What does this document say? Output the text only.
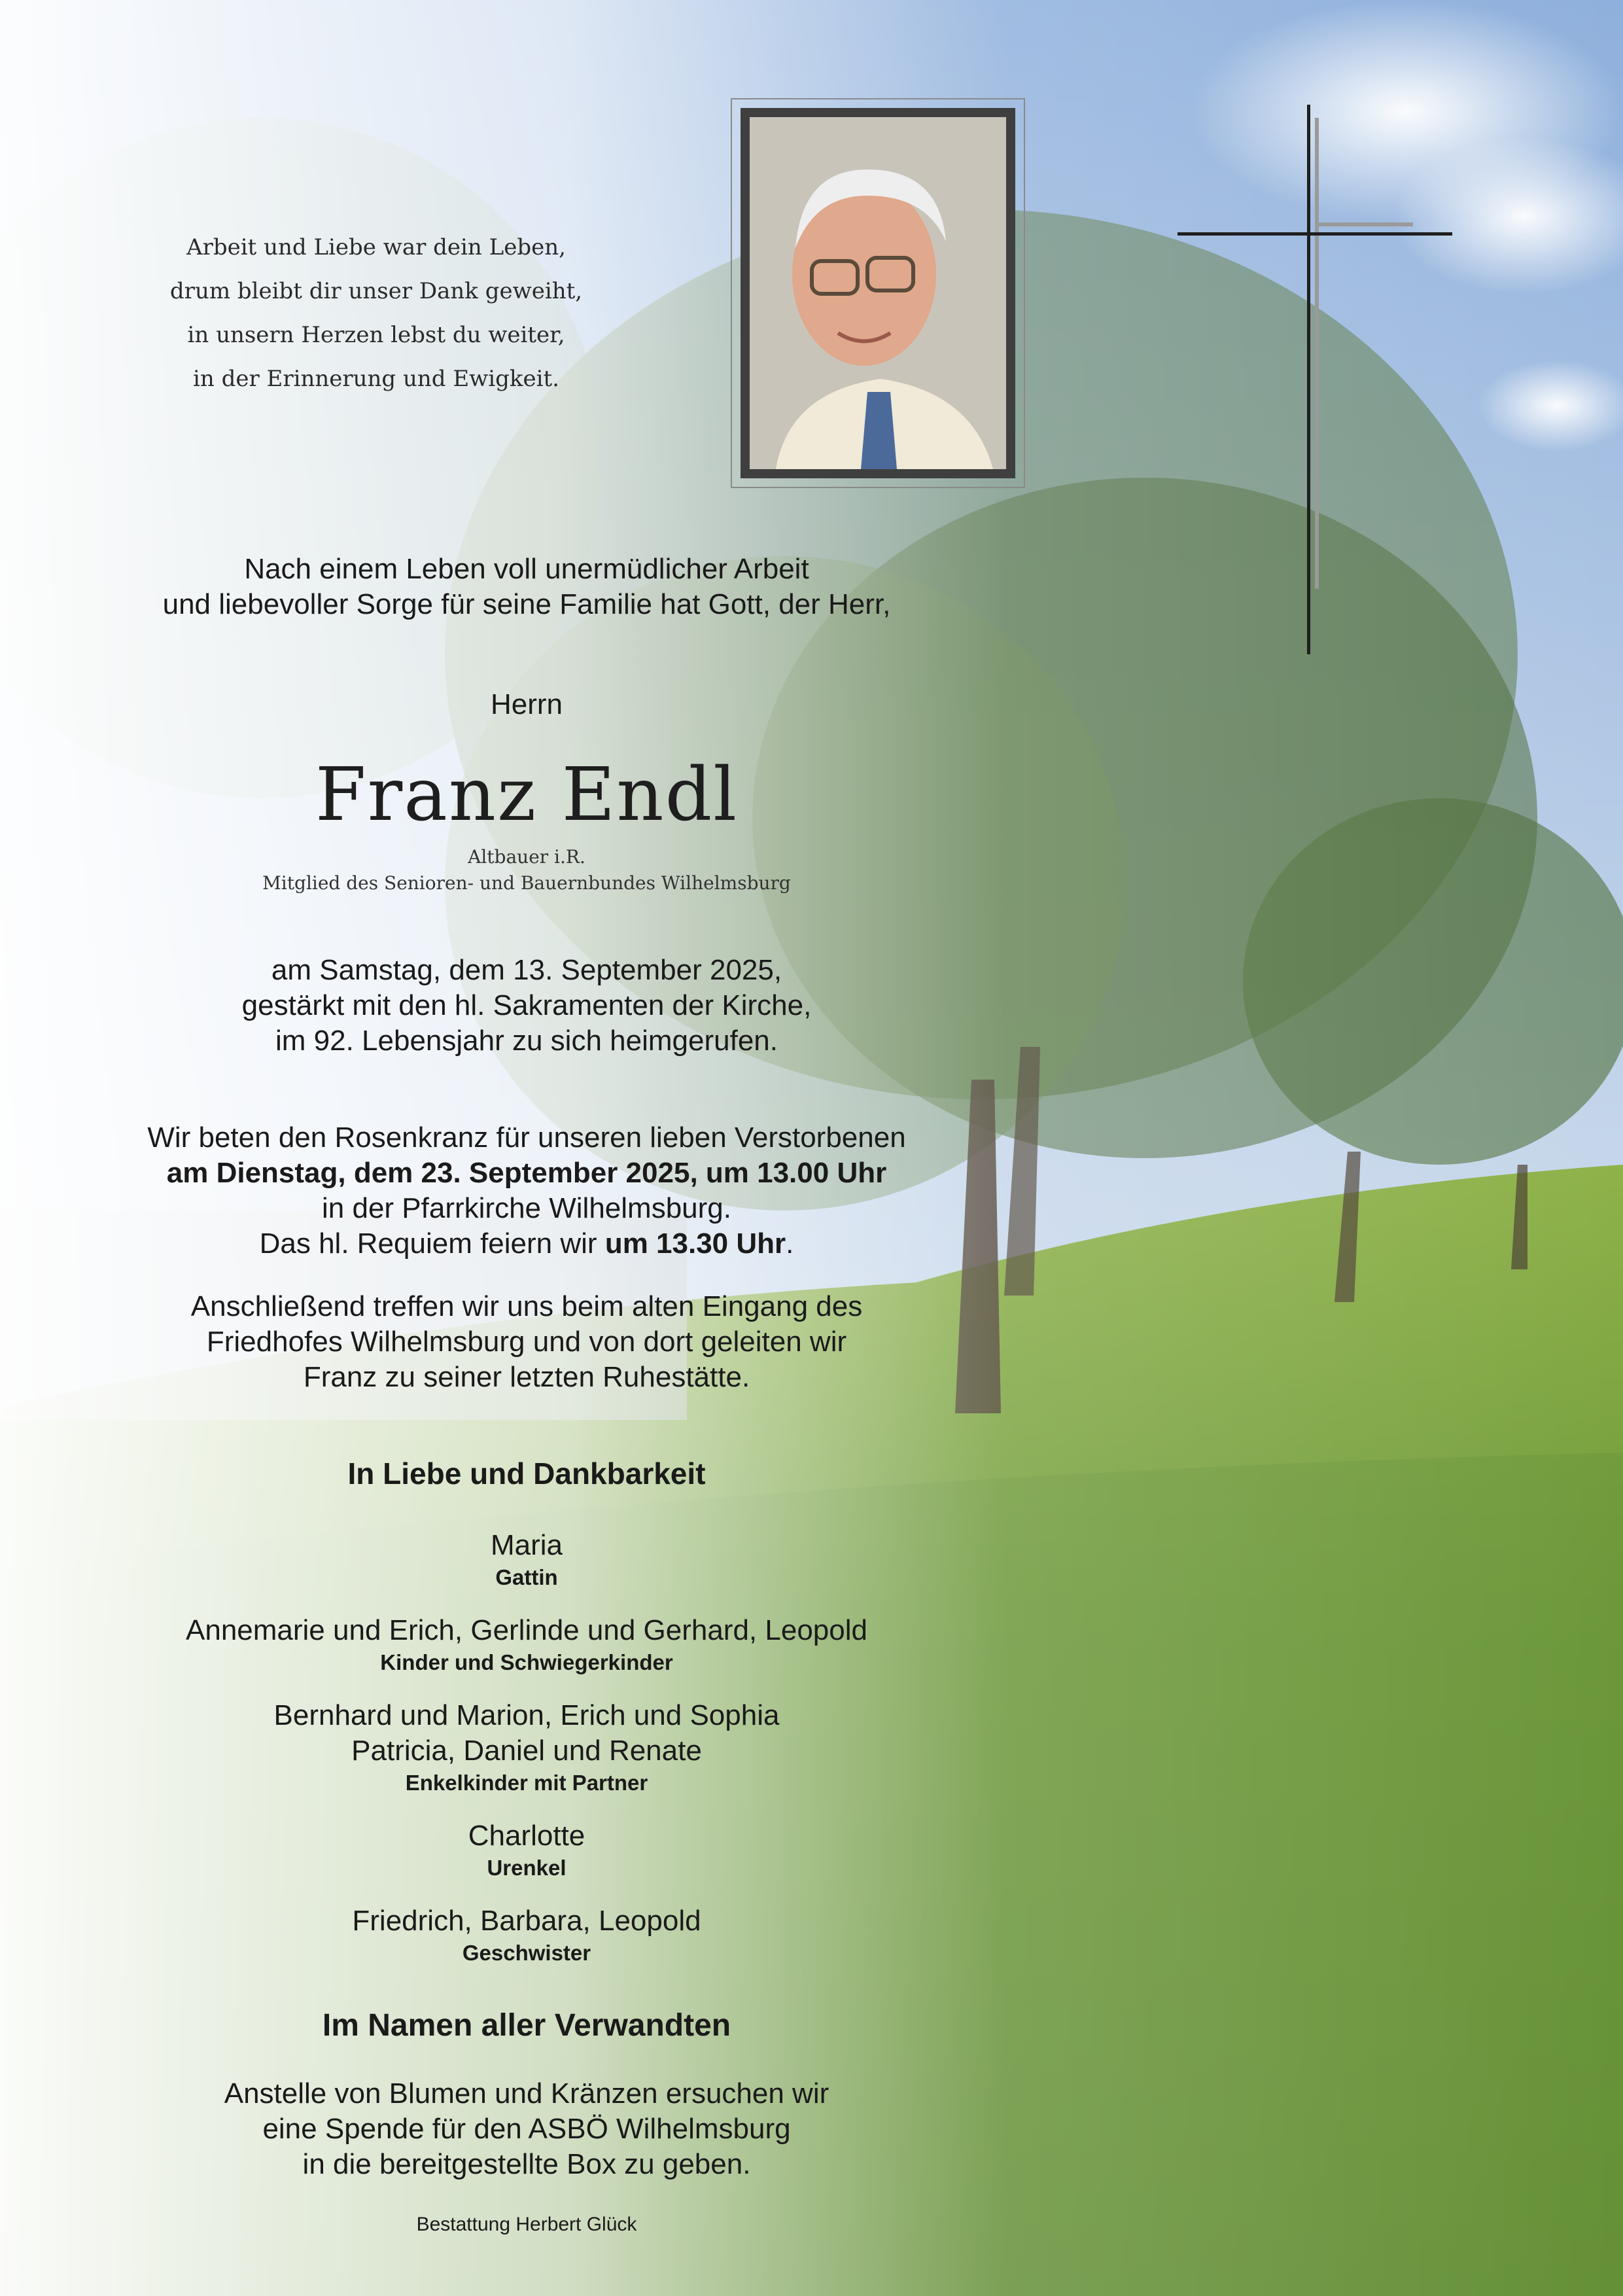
Arbeit und Liebe war dein Leben,
drum bleibt dir unser Dank geweiht,
in unsern Herzen lebst du weiter,
in der Erinnerung und Ewigkeit.
Nach einem Leben voll unermüdlicher Arbeit
und liebevoller Sorge für seine Familie hat Gott, der Herr,
Herrn
Franz Endl
Altbauer i.R.
Mitglied des Senioren- und Bauernbundes Wilhelmsburg
am Samstag, dem 13. September 2025,
gestärkt mit den hl. Sakramenten der Kirche,
im 92. Lebensjahr zu sich heimgerufen.
Wir beten den Rosenkranz für unseren lieben Verstorbenen
am Dienstag, dem 23. September 2025, um 13.00 Uhr
in der Pfarrkirche Wilhelmsburg.
Das hl. Requiem feiern wir um 13.30 Uhr.
Anschließend treffen wir uns beim alten Eingang des
Friedhofes Wilhelmsburg und von dort geleiten wir
Franz zu seiner letzten Ruhestätte.
In Liebe und Dankbarkeit
Maria
Gattin
Annemarie und Erich, Gerlinde und Gerhard, Leopold
Kinder und Schwiegerkinder
Bernhard und Marion, Erich und Sophia
Patricia, Daniel und Renate
Enkelkinder mit Partner
Charlotte
Urenkel
Friedrich, Barbara, Leopold
Geschwister
Im Namen aller Verwandten
Anstelle von Blumen und Kränzen ersuchen wir
eine Spende für den ASBÖ Wilhelmsburg
in die bereitgestellte Box zu geben.
Bestattung Herbert Glück
